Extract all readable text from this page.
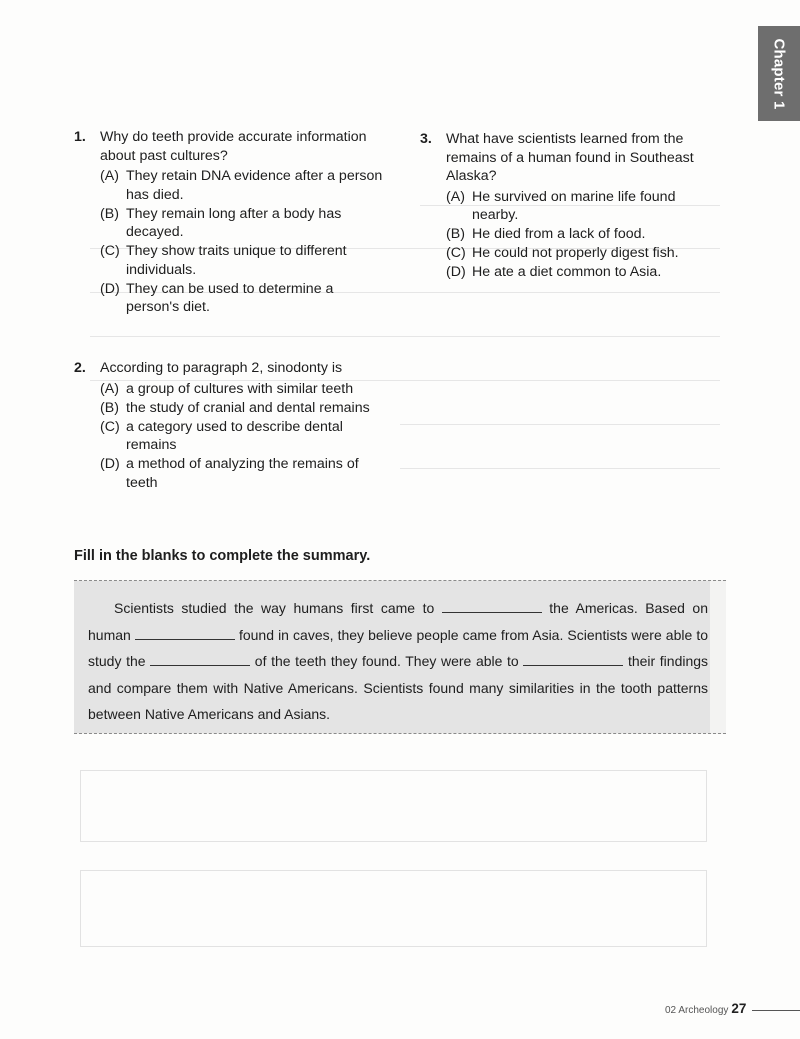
Chapter 1
1. Why do teeth provide accurate information about past cultures?
(A) They retain DNA evidence after a person has died.
(B) They remain long after a body has decayed.
(C) They show traits unique to different individuals.
(D) They can be used to determine a person's diet.
2. According to paragraph 2, sinodonty is
(A) a group of cultures with similar teeth
(B) the study of cranial and dental remains
(C) a category used to describe dental remains
(D) a method of analyzing the remains of teeth
3. What have scientists learned from the remains of a human found in Southeast Alaska?
(A) He survived on marine life found nearby.
(B) He died from a lack of food.
(C) He could not properly digest fish.
(D) He ate a diet common to Asia.
Fill in the blanks to complete the summary.

Scientists studied the way humans first came to	the Americas. Based on human	found in caves, they believe people came from Asia. Scientists were able to study the	of the teeth they found. They were able to	their findings and compare them with Native Americans. Scientists found many similarities in the tooth patterns between Native Americans and Asians.

02 Archeology 27
